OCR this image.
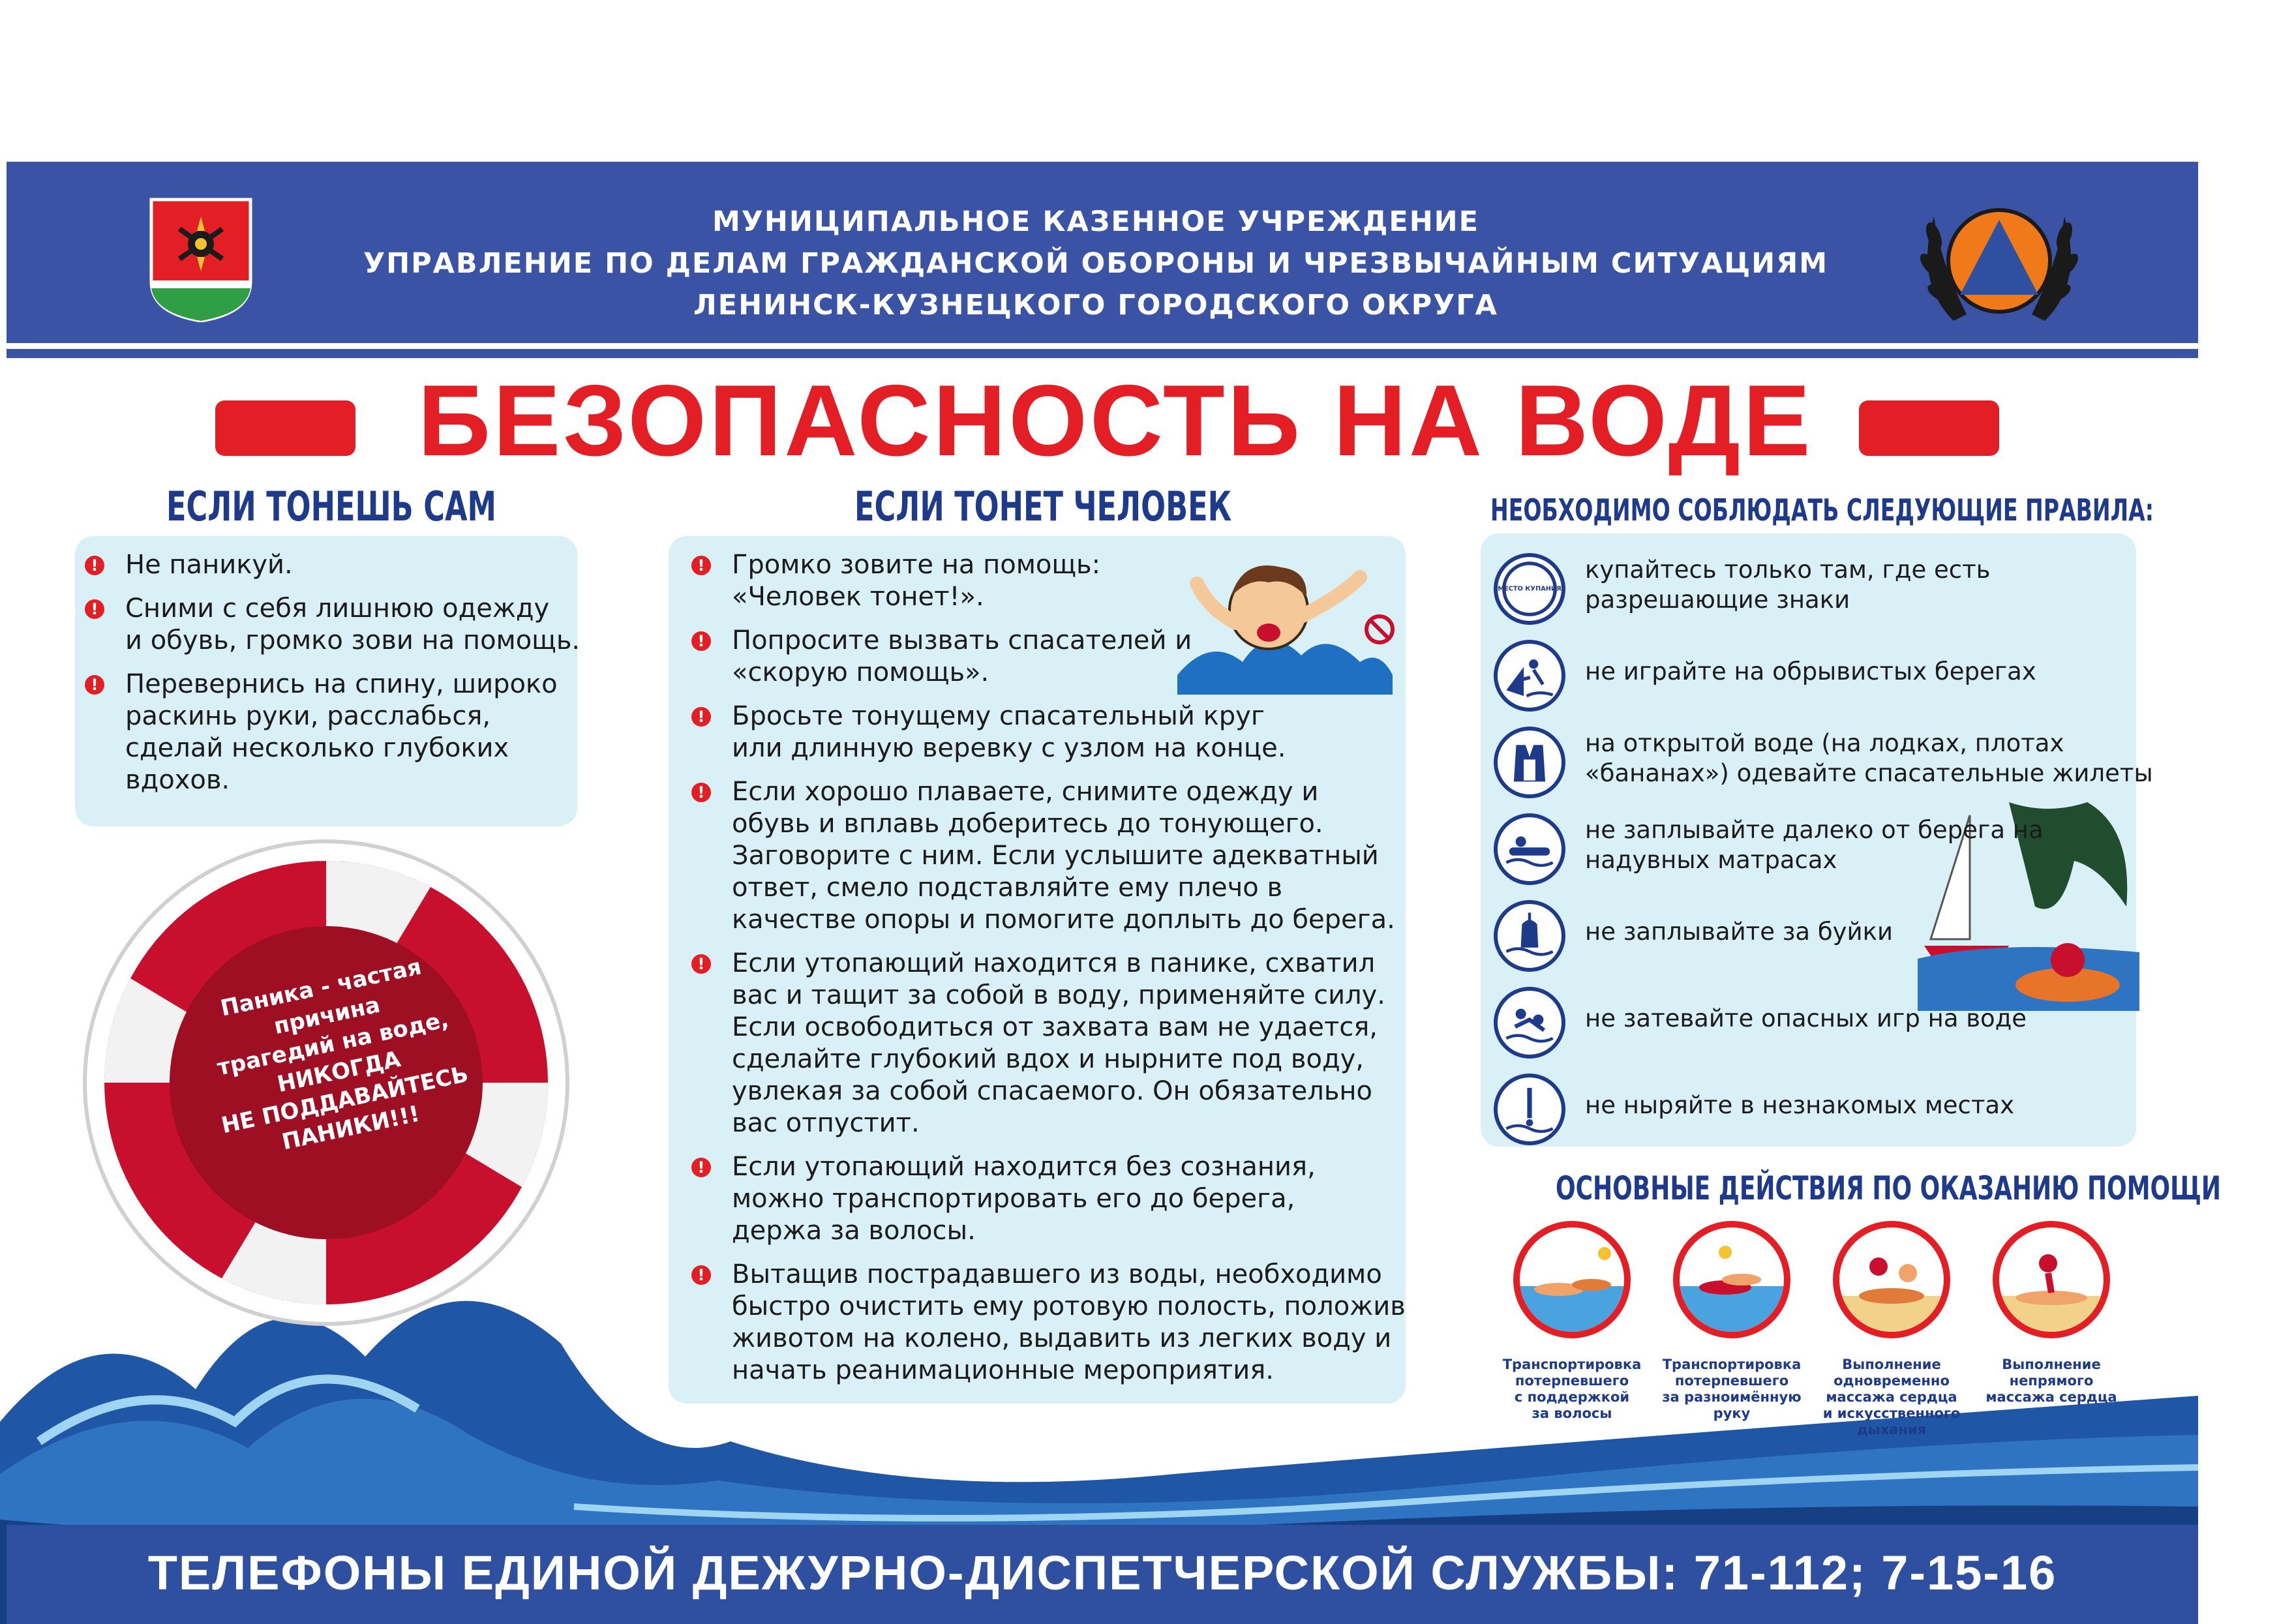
МУНИЦИПАЛЬНОЕ КАЗЕННОЕ УЧРЕЖДЕНИЕ
УПРАВЛЕНИЕ ПО ДЕЛАМ ГРАЖДАНСКОЙ ОБОРОНЫ И ЧРЕЗВЫЧАЙНЫМ СИТУАЦИЯМ
ЛЕНИНСК-КУЗНЕЦКОГО ГОРОДСКОГО ОКРУГА
БЕЗОПАСНОСТЬ НА ВОДЕ
ЕСЛИ ТОНЕШЬ САМ
! Не паникуй.
! Сними с себя лишнюю одежду
и обувь, громко зови на помощь.
! Перевернись на спину, широко
раскинь руки, расслабься,
сделай несколько глубоких
вдохов.
Паника - частая
причина
трагедий на воде,
НИКОГДА
НЕ ПОДДАВАЙТЕСЬ
ПАНИКИ!!!
ЕСЛИ ТОНЕТ ЧЕЛОВЕК
! Громко зовите на помощь:
«Человек тонет!».
! Попросите вызвать спасателей и
«скорую помощь».
! Бросьте тонущему спасательный круг
или длинную веревку с узлом на конце.
! Если хорошо плаваете, снимите одежду и
обувь и вплавь доберитесь до тонующего.
Заговорите с ним. Если услышите адекватный
ответ, смело подставляйте ему плечо в
качестве опоры и помогите доплыть до берега.
! Если утопающий находится в панике, схватил
вас и тащит за собой в воду, применяйте силу.
Если освободиться от захвата вам не удается,
сделайте глубокий вдох и нырните под воду,
увлекая за собой спасаемого. Он обязательно
вас отпустит.
! Если утопающий находится без сознания,
можно транспортировать его до берега,
держа за волосы.
! Вытащив пострадавшего из воды, необходимо
быстро очистить ему ротовую полость, положив
животом на колено, выдавить из легких воду и
начать реанимационные мероприятия.
НЕОБХОДИМО СОБЛЮДАТЬ СЛЕДУЮЩИЕ ПРАВИЛА:
МЕСТО КУПАНИЯ
купайтесь только там, где есть
разрешающие знаки
не играйте на обрывистых берегах
на открытой воде (на лодках, плотах
«бананах») одевайте спасательные жилеты
не заплывайте далеко от берега на
надувных матрасах
не заплывайте за буйки
не затевайте опасных игр на воде
не ныряйте в незнакомых местах
ОСНОВНЫЕ ДЕЙСТВИЯ ПО ОКАЗАНИЮ ПОМОЩИ
Транспортировка
потерпевшего
с поддержкой
за волосы
Транспортировка
потерпевшего
за разноимённую
руку
Выполнение
одновременно
массажа сердца
и искусственного
дыхания
Выполнение
непрямого
массажа сердца
ТЕЛЕФОНЫ ЕДИНОЙ ДЕЖУРНО-ДИСПЕТЧЕРСКОЙ СЛУЖБЫ: 71-112; 7-15-16
